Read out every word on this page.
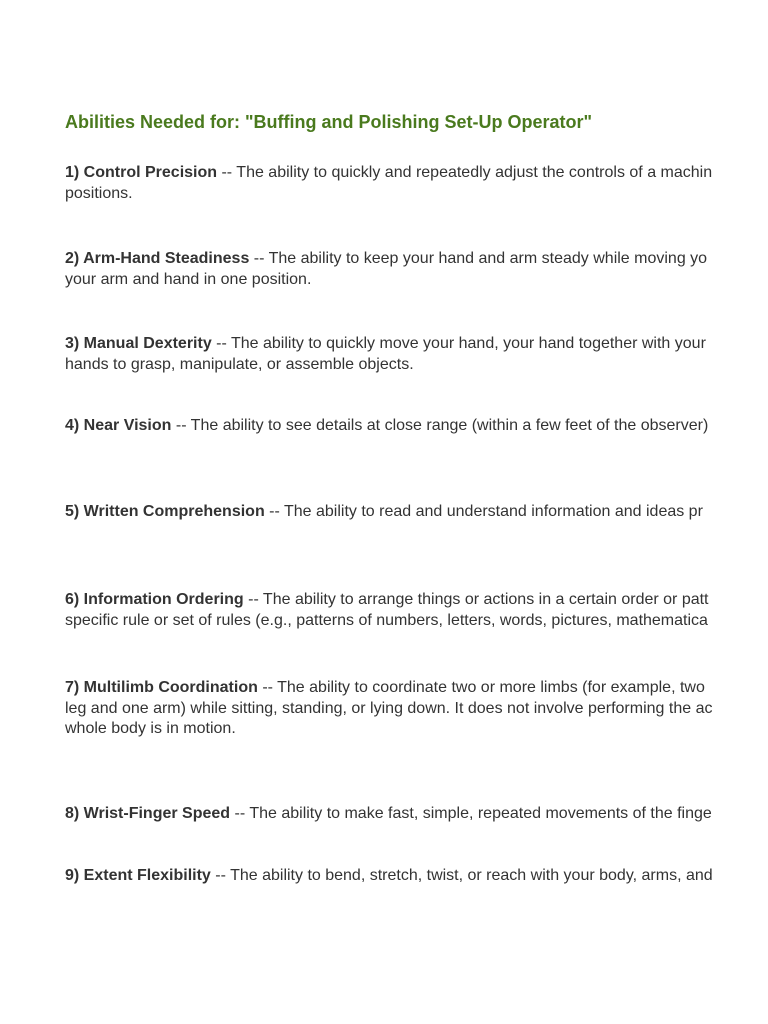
Abilities Needed for: "Buffing and Polishing Set-Up Operator"
1) Control Precision -- The ability to quickly and repeatedly adjust the controls of a machin
positions.
2) Arm-Hand Steadiness -- The ability to keep your hand and arm steady while moving yo
your arm and hand in one position.
3) Manual Dexterity -- The ability to quickly move your hand, your hand together with your
hands to grasp, manipulate, or assemble objects.
4) Near Vision -- The ability to see details at close range (within a few feet of the observer)
5) Written Comprehension -- The ability to read and understand information and ideas pr
6) Information Ordering -- The ability to arrange things or actions in a certain order or patt
specific rule or set of rules (e.g., patterns of numbers, letters, words, pictures, mathematica
7) Multilimb Coordination -- The ability to coordinate two or more limbs (for example, two
leg and one arm) while sitting, standing, or lying down. It does not involve performing the ac
whole body is in motion.
8) Wrist-Finger Speed -- The ability to make fast, simple, repeated movements of the finge
9) Extent Flexibility -- The ability to bend, stretch, twist, or reach with your body, arms, and
